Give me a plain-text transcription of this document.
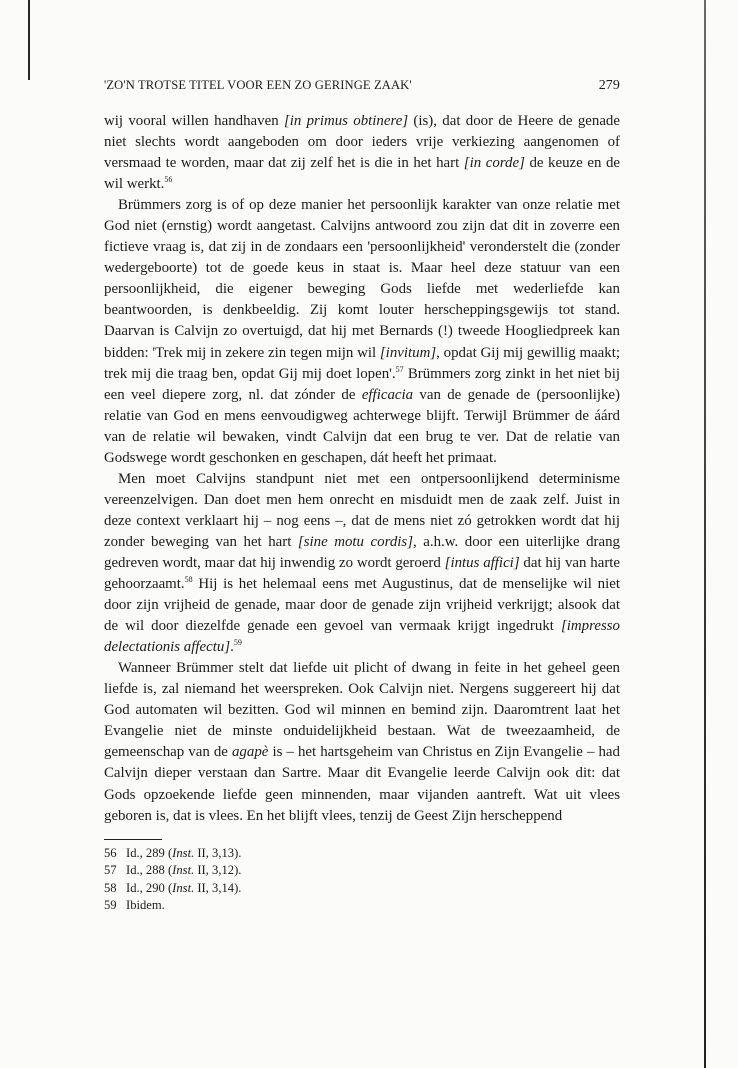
'ZO'N TROTSE TITEL VOOR EEN ZO GERINGE ZAAK'	279

wij vooral willen handhaven [in primus obtinere] (is), dat door de Heere de genade niet slechts wordt aangeboden om door ieders vrije verkiezing aangenomen of versmaad te worden, maar dat zij zelf het is die in het hart [in corde] de keuze en de wil werkt.$^{56}$

Brümmers zorg is of op deze manier het persoonlijk karakter van onze relatie met God niet (ernstig) wordt aangetast. Calvijns antwoord zou zijn dat dit in zoverre een fictieve vraag is, dat zij in de zondaars een 'persoonlijkheid' veronderstelt die (zonder wedergeboorte) tot de goede keus in staat is. Maar heel deze statuur van een persoonlijkheid, die eigener beweging Gods liefde met wederliefde kan beantwoorden, is denkbeeldig. Zij komt louter herscheppingsgewijs tot stand. Daarvan is Calvijn zo overtuigd, dat hij met Bernards (!) tweede Hoogliedpreek kan bidden: 'Trek mij in zekere zin tegen mijn wil [invitum], opdat Gij mij gewillig maakt; trek mij die traag ben, opdat Gij mij doet lopen'.$^{57}$ Brümmers zorg zinkt in het niet bij een veel diepere zorg, nl. dat zónder de efficacia van de genade de (persoonlijke) relatie van God en mens eenvoudigweg achterwege blijft. Terwijl Brümmer de áárd van de relatie wil bewaken, vindt Calvijn dat een brug te ver. Dat de relatie van Godswege wordt geschonken en geschapen, dát heeft het primaat.

Men moet Calvijns standpunt niet met een ontpersoonlijkend determinisme vereenzelvigen. Dan doet men hem onrecht en misduidt men de zaak zelf. Juist in deze context verklaart hij – nog eens –, dat de mens niet zó getrokken wordt dat hij zonder beweging van het hart [sine motu cordis], a.h.w. door een uiterlijke drang gedreven wordt, maar dat hij inwendig zo wordt geroerd [intus affici] dat hij van harte gehoorzaamt.$^{58}$ Hij is het helemaal eens met Augustinus, dat de menselijke wil niet door zijn vrijheid de genade, maar door de genade zijn vrijheid verkrijgt; alsook dat de wil door diezelfde genade een gevoel van vermaak krijgt ingedrukt [impresso delectationis affectu].$^{59}$

Wanneer Brümmer stelt dat liefde uit plicht of dwang in feite in het geheel geen liefde is, zal niemand het weerspreken. Ook Calvijn niet. Nergens suggereert hij dat God automaten wil bezitten. God wil minnen en bemind zijn. Daaromtrent laat het Evangelie niet de minste onduidelijkheid bestaan. Wat de tweezaamheid, de gemeenschap van de agapè is – het hartsgeheim van Christus en Zijn Evangelie – had Calvijn dieper verstaan dan Sartre. Maar dit Evangelie leerde Calvijn ook dit: dat Gods opzoekende liefde geen minnenden, maar vijanden aantreft. Wat uit vlees geboren is, dat is vlees. En het blijft vlees, tenzij de Geest Zijn herscheppend

56 Id., 289 (Inst. II, 3,13).
57 Id., 288 (Inst. II, 3,12).
58 Id., 290 (Inst. II, 3,14).
59 Ibidem.
